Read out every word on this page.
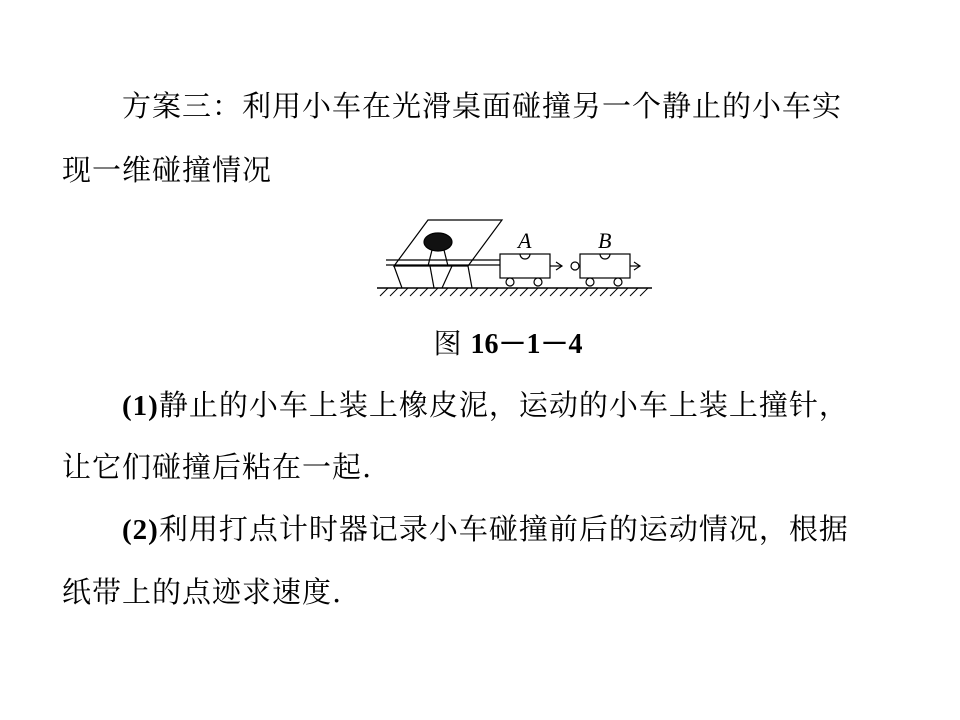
方案三：利用小车在光滑桌面碰撞另一个静止的小车实
现一维碰撞情况
A	B
图 16－1－4
(1)静止的小车上装上橡皮泥，运动的小车上装上撞针，
让它们碰撞后粘在一起.
(2)利用打点计时器记录小车碰撞前后的运动情况，根据
纸带上的点迹求速度.
